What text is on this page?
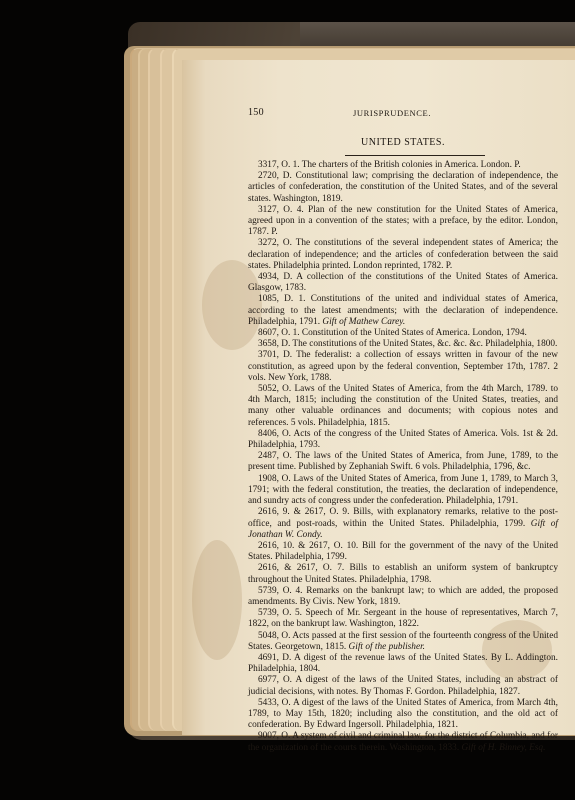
150	JURISPRUDENCE.
UNITED STATES.

3317, O. 1. The charters of the British colonies in America. London. P.

2720, D. Constitutional law; comprising the declaration of independence, the articles of confederation, the constitution of the United States, and of the several states. Washington, 1819.

3127, O. 4. Plan of the new constitution for the United States of America, agreed upon in a convention of the states; with a preface, by the editor. London, 1787. P.

3272, O. The constitutions of the several independent states of America; the declaration of independence; and the articles of confederation between the said states. Philadelphia printed. London reprinted, 1782. P.

4934, D. A collection of the constitutions of the United States of America. Glasgow, 1783.

1085, D. 1. Constitutions of the united and individual states of America, according to the latest amendments; with the declaration of independence. Philadelphia, 1791. Gift of Mathew Carey.

8607, O. 1. Constitution of the United States of America. London, 1794.

3658, D. The constitutions of the United States, &c. &c. &c. Philadelphia, 1800.

3701, D. The federalist: a collection of essays written in favour of the new constitution, as agreed upon by the federal convention, September 17th, 1787. 2 vols. New York, 1788.

5052, O. Laws of the United States of America, from the 4th March, 1789. to 4th March, 1815; including the constitution of the United States, treaties, and many other valuable ordinances and documents; with copious notes and references. 5 vols. Philadelphia, 1815.

8406, O. Acts of the congress of the United States of America. Vols. 1st & 2d. Philadelphia, 1793.

2487, O. The laws of the United States of America, from June, 1789, to the present time. Published by Zephaniah Swift. 6 vols. Philadelphia, 1796, &c.

1908, O. Laws of the United States of America, from June 1, 1789, to March 3, 1791; with the federal constitution, the treaties, the declaration of independence, and sundry acts of congress under the confederation. Philadelphia, 1791.

2616, 9. & 2617, O. 9. Bills, with explanatory remarks, relative to the post-office, and post-roads, within the United States. Philadelphia, 1799. Gift of Jonathan W. Condy.

2616, 10. & 2617, O. 10. Bill for the government of the navy of the United States. Philadelphia, 1799.

2616, & 2617, O. 7. Bills to establish an uniform system of bankruptcy throughout the United States. Philadelphia, 1798.

5739, O. 4. Remarks on the bankrupt law; to which are added, the proposed amendments. By Civis. New York, 1819.

5739, O. 5. Speech of Mr. Sergeant in the house of representatives, March 7, 1822, on the bankrupt law. Washington, 1822.

5048, O. Acts passed at the first session of the fourteenth congress of the United States. Georgetown, 1815. Gift of the publisher.

4691, D. A digest of the revenue laws of the United States. By L. Addington. Philadelphia, 1804.

6977, O. A digest of the laws of the United States, including an abstract of judicial decisions, with notes. By Thomas F. Gordon. Philadelphia, 1827.

5433, O. A digest of the laws of the United States of America, from March 4th, 1789, to May 15th, 1820; including also the constitution, and the old act of confederation. By Edward Ingersoll. Philadelphia, 1821.

9007, O. A system of civil and criminal law, for the district of Columbia, and for the organization of the courts therein. Washington, 1833. Gift of H. Binney, Esq.
